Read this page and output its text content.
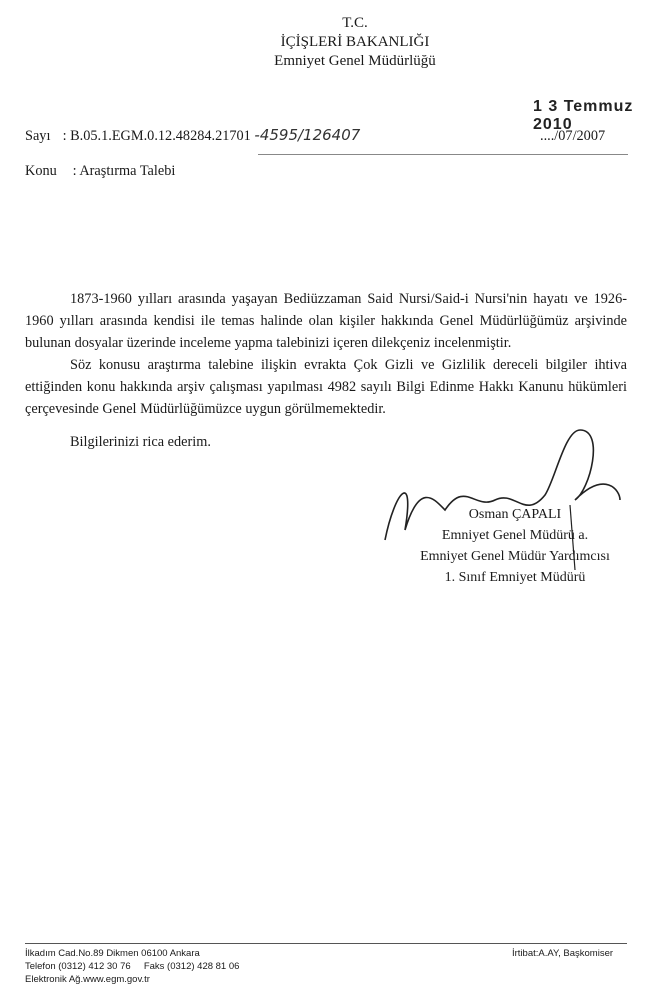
T.C.
İÇİŞLERİ BAKANLIĞI
Emniyet Genel Müdürlüğü
1 3 Temmuz 2010
Sayı : B.05.1.EGM.0.12.48284.21701 -4595/126407	..../07/2007
Konu : Araştırma Talebi
1873-1960 yılları arasında yaşayan Bediüzzaman Said Nursi/Said-i Nursi'nin hayatı ve 1926-1960 yılları arasında kendisi ile temas halinde olan kişiler hakkında Genel Müdürlüğümüz arşivinde bulunan dosyalar üzerinde inceleme yapma talebinizi içeren dilekçeniz incelenmiştir.
Söz konusu araştırma talebine ilişkin evrakta Çok Gizli ve Gizlilik dereceli bilgiler ihtiva ettiğinden konu hakkında arşiv çalışması yapılması 4982 sayılı Bilgi Edinme Hakkı Kanunu hükümleri çerçevesinde Genel Müdürlüğümüzce uygun görülmemektedir.
Bilgilerinizi rica ederim.
Osman ÇAPALI
Emniyet Genel Müdürü a.
Emniyet Genel Müdür Yardımcısı
1. Sınıf Emniyet Müdürü
İlkadım Cad.No.89 Dikmen 06100 Ankara
Telefon (0312) 412 30 76     Faks (0312) 428 81 06
Elektronik Ağ.www.egm.gov.tr
İrtibat:A.AY, Başkomiser
